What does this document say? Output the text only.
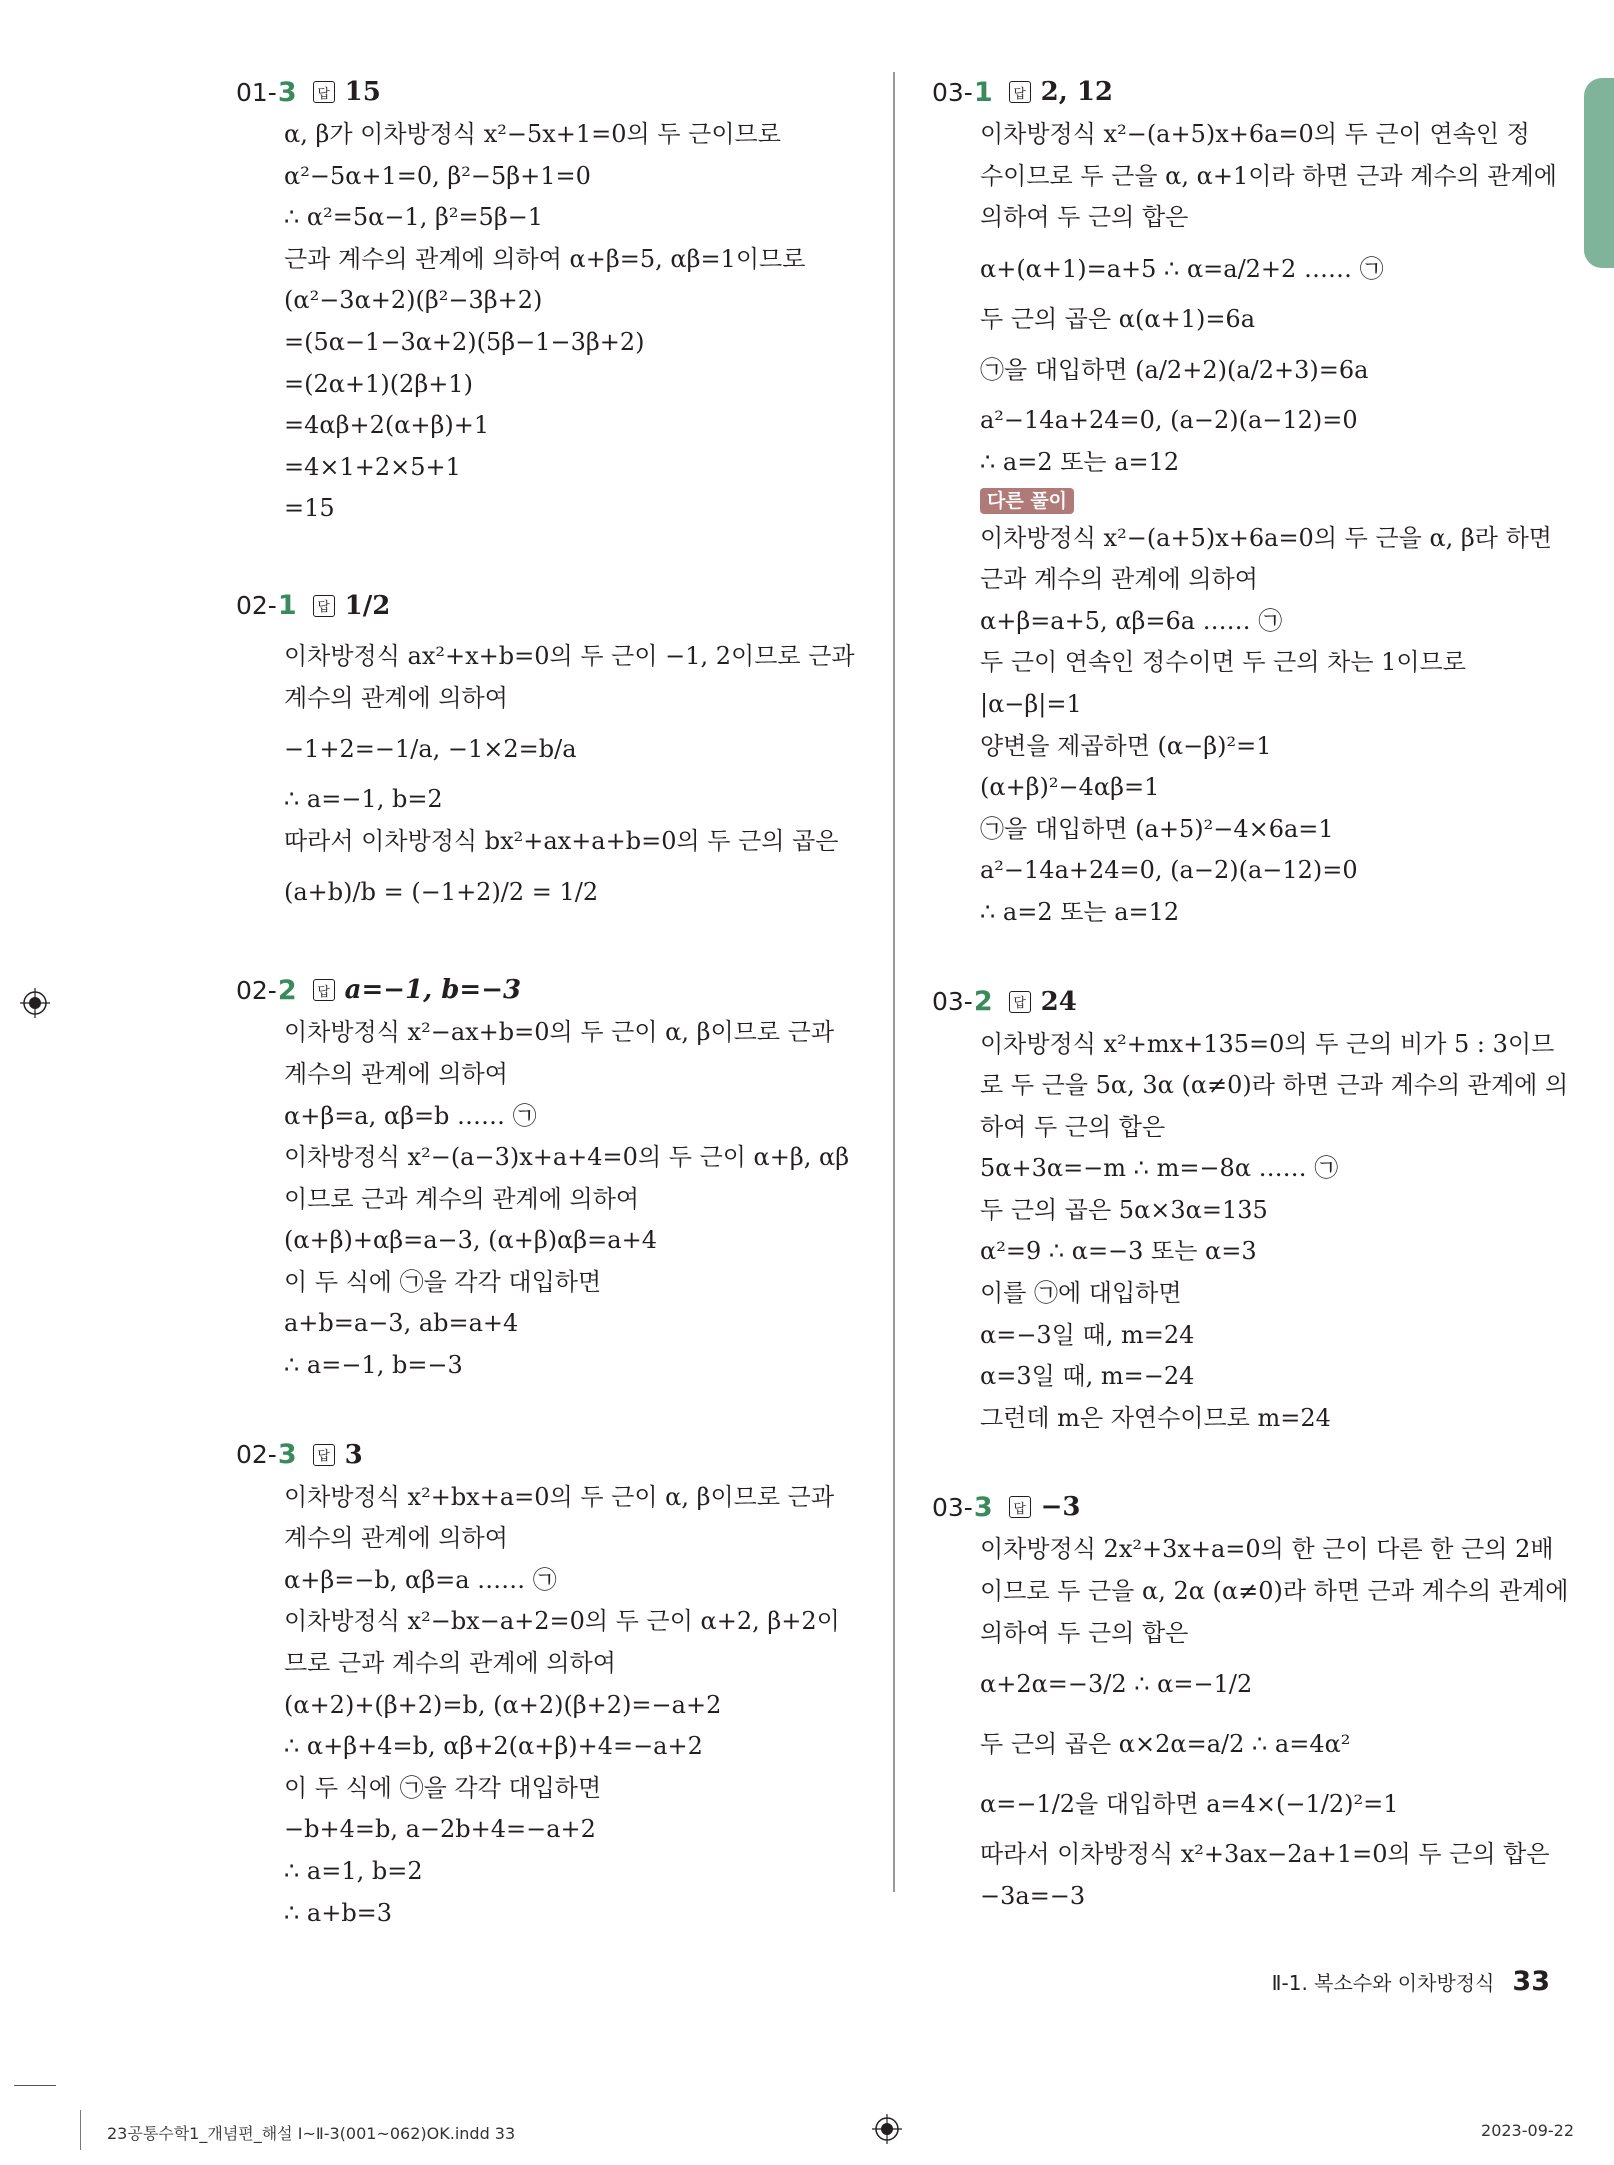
01- 3	답 15
α, β가 이차방정식 x²−5x+1=0의 두 근이므로
α²−5α+1=0, β²−5β+1=0
∴ α²=5α−1, β²=5β−1
근과 계수의 관계에 의하여 α+β=5, αβ=1이므로
(α²−3α+2)(β²−3β+2)
=(5α−1−3α+2)(5β−1−3β+2)
=(2α+1)(2β+1)
=4αβ+2(α+β)+1
=4×1+2×5+1
=15
02- 1	답 1/2
이차방정식 ax²+x+b=0의 두 근이 −1, 2이므로 근과
계수의 관계에 의하여
−1+2=−1/a, −1×2=b/a
∴ a=−1, b=2
따라서 이차방정식 bx²+ax+a+b=0의 두 근의 곱은
(a+b)/b = (−1+2)/2 = 1/2
02- 2	답 a=−1, b=−3
이차방정식 x²−ax+b=0의 두 근이 α, β이므로 근과
계수의 관계에 의하여
α+β=a, αβ=b …… ㉠
이차방정식 x²−(a−3)x+a+4=0의 두 근이 α+β, αβ
이므로 근과 계수의 관계에 의하여
(α+β)+αβ=a−3, (α+β)αβ=a+4
이 두 식에 ㉠을 각각 대입하면
a+b=a−3, ab=a+4
∴ a=−1, b=−3
02- 3	답 3
이차방정식 x²+bx+a=0의 두 근이 α, β이므로 근과
계수의 관계에 의하여
α+β=−b, αβ=a …… ㉠
이차방정식 x²−bx−a+2=0의 두 근이 α+2, β+2이
므로 근과 계수의 관계에 의하여
(α+2)+(β+2)=b, (α+2)(β+2)=−a+2
∴ α+β+4=b, αβ+2(α+β)+4=−a+2
이 두 식에 ㉠을 각각 대입하면
−b+4=b, a−2b+4=−a+2
∴ a=1, b=2
∴ a+b=3
03- 1	답 2, 12
이차방정식 x²−(a+5)x+6a=0의 두 근이 연속인 정
수이므로 두 근을 α, α+1이라 하면 근과 계수의 관계에
의하여 두 근의 합은
α+(α+1)=a+5 ∴ α=a/2+2 …… ㉠
두 근의 곱은 α(α+1)=6a
㉠을 대입하면 (a/2+2)(a/2+3)=6a
a²−14a+24=0, (a−2)(a−12)=0
∴ a=2 또는 a=12
다른 풀이
이차방정식 x²−(a+5)x+6a=0의 두 근을 α, β라 하면
근과 계수의 관계에 의하여
α+β=a+5, αβ=6a …… ㉠
두 근이 연속인 정수이면 두 근의 차는 1이므로
|α−β|=1
양변을 제곱하면 (α−β)²=1
(α+β)²−4αβ=1
㉠을 대입하면 (a+5)²−4×6a=1
a²−14a+24=0, (a−2)(a−12)=0
∴ a=2 또는 a=12
03- 2	답 24
이차방정식 x²+mx+135=0의 두 근의 비가 5 : 3이므
로 두 근을 5α, 3α (α≠0)라 하면 근과 계수의 관계에 의
하여 두 근의 합은
5α+3α=−m ∴ m=−8α …… ㉠
두 근의 곱은 5α×3α=135
α²=9 ∴ α=−3 또는 α=3
이를 ㉠에 대입하면
α=−3일 때, m=24
α=3일 때, m=−24
그런데 m은 자연수이므로 m=24
03- 3	답 −3
이차방정식 2x²+3x+a=0의 한 근이 다른 한 근의 2배
이므로 두 근을 α, 2α (α≠0)라 하면 근과 계수의 관계에
의하여 두 근의 합은
α+2α=−3/2 ∴ α=−1/2
두 근의 곱은 α×2α=a/2 ∴ a=4α²
α=−1/2을 대입하면 a=4×(−1/2)²=1
따라서 이차방정식 x²+3ax−2a+1=0의 두 근의 합은
−3a=−3
Ⅱ-1. 복소수와 이차방정식 33
23공통수학1_개념편_해설 Ⅰ~Ⅱ-3(001~062)OK.indd 33	2023-09-22
